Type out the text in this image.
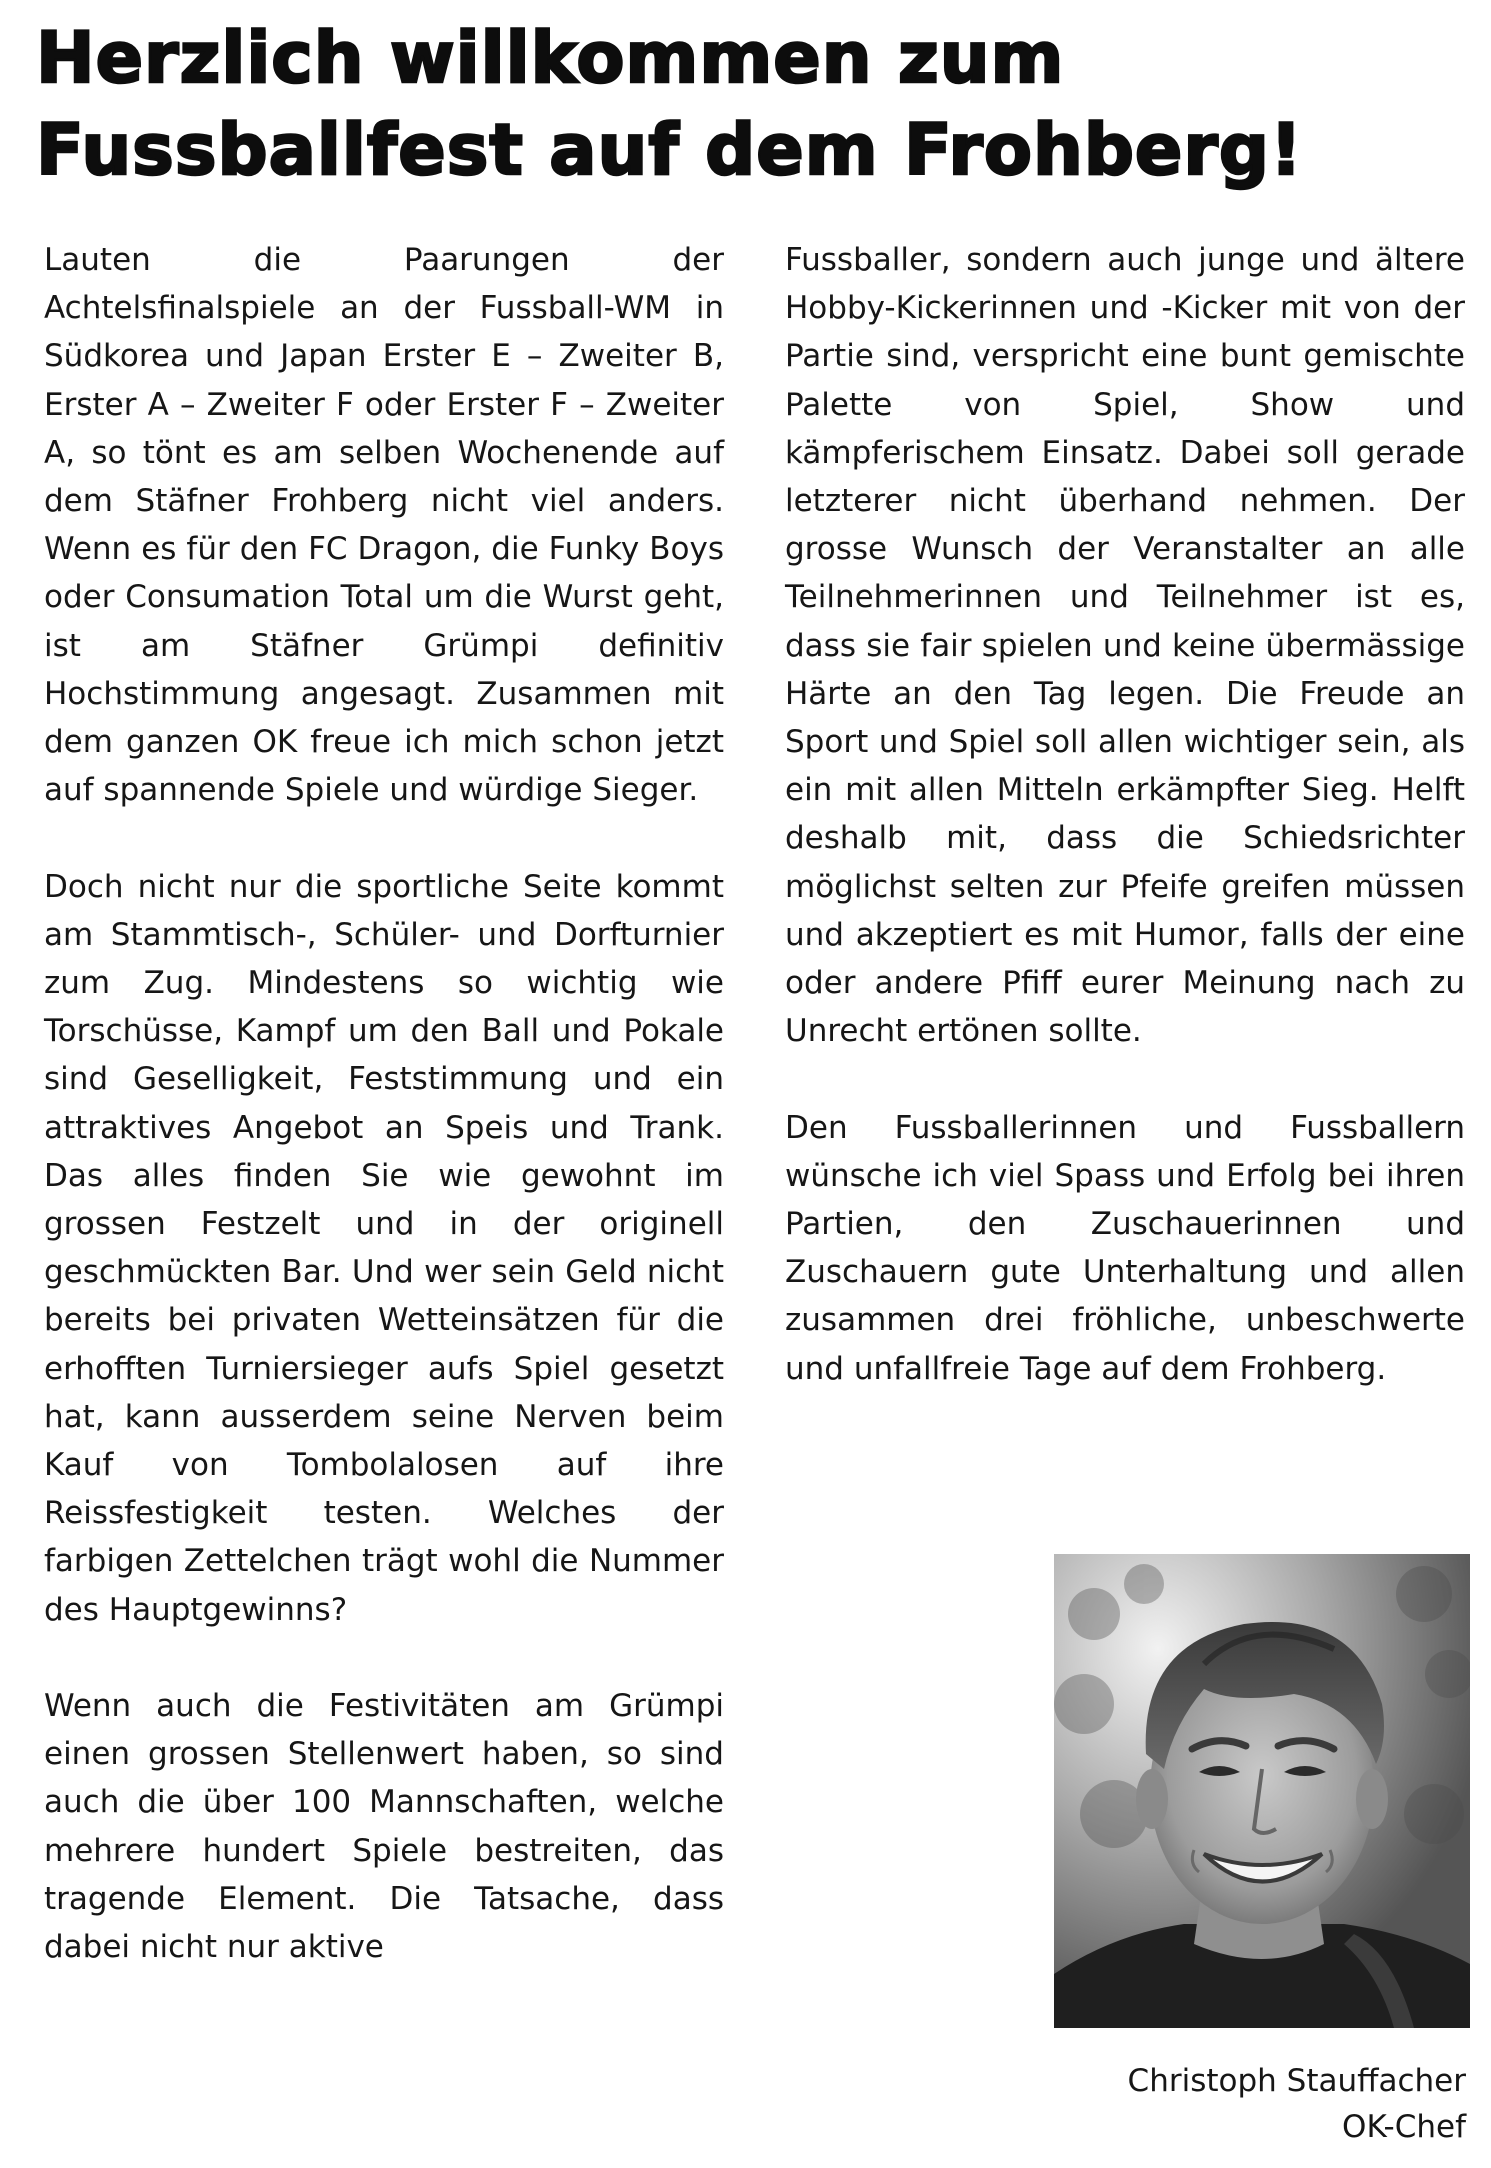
Herzlich willkommen zum
Fussballfest auf dem Frohberg!

Lauten die Paarungen der Achtelsfinalspiele an der Fussball-WM in Südkorea und Japan Erster E – Zweiter B, Erster A – Zweiter F oder Erster F – Zweiter A, so tönt es am selben Wochenende auf dem Stäfner Frohberg nicht viel anders. Wenn es für den FC Dragon, die Funky Boys oder Consumation Total um die Wurst geht, ist am Stäfner Grümpi definitiv Hochstimmung angesagt. Zusammen mit dem ganzen OK freue ich mich schon jetzt auf spannende Spiele und würdige Sieger.

Doch nicht nur die sportliche Seite kommt am Stammtisch-, Schüler- und Dorfturnier zum Zug. Mindestens so wichtig wie Torschüsse, Kampf um den Ball und Pokale sind Geselligkeit, Feststimmung und ein attraktives Angebot an Speis und Trank. Das alles finden Sie wie gewohnt im grossen Festzelt und in der originell geschmückten Bar. Und wer sein Geld nicht bereits bei privaten Wetteinsätzen für die erhofften Turniersieger aufs Spiel gesetzt hat, kann ausserdem seine Nerven beim Kauf von Tombolalosen auf ihre Reissfestigkeit testen. Welches der farbigen Zettelchen trägt wohl die Nummer des Hauptgewinns?

Wenn auch die Festivitäten am Grümpi einen grossen Stellenwert haben, so sind auch die über 100 Mannschaften, welche mehrere hundert Spiele bestreiten, das tragende Element. Die Tatsache, dass dabei nicht nur aktive

Fussballer, sondern auch junge und ältere Hobby-Kickerinnen und -Kicker mit von der Partie sind, verspricht eine bunt gemischte Palette von Spiel, Show und kämpferischem Einsatz. Dabei soll gerade letzterer nicht überhand nehmen. Der grosse Wunsch der Veranstalter an alle Teilnehmerinnen und Teilnehmer ist es, dass sie fair spielen und keine übermässige Härte an den Tag legen. Die Freude an Sport und Spiel soll allen wichtiger sein, als ein mit allen Mitteln erkämpfter Sieg. Helft deshalb mit, dass die Schiedsrichter möglichst selten zur Pfeife greifen müssen und akzeptiert es mit Humor, falls der eine oder andere Pfiff eurer Meinung nach zu Unrecht ertönen sollte.

Den Fussballerinnen und Fussballern wünsche ich viel Spass und Erfolg bei ihren Partien, den Zuschauerinnen und Zuschauern gute Unterhaltung und allen zusammen drei fröhliche, unbeschwerte und unfallfreie Tage auf dem Frohberg.

Christoph Stauffacher
OK-Chef
